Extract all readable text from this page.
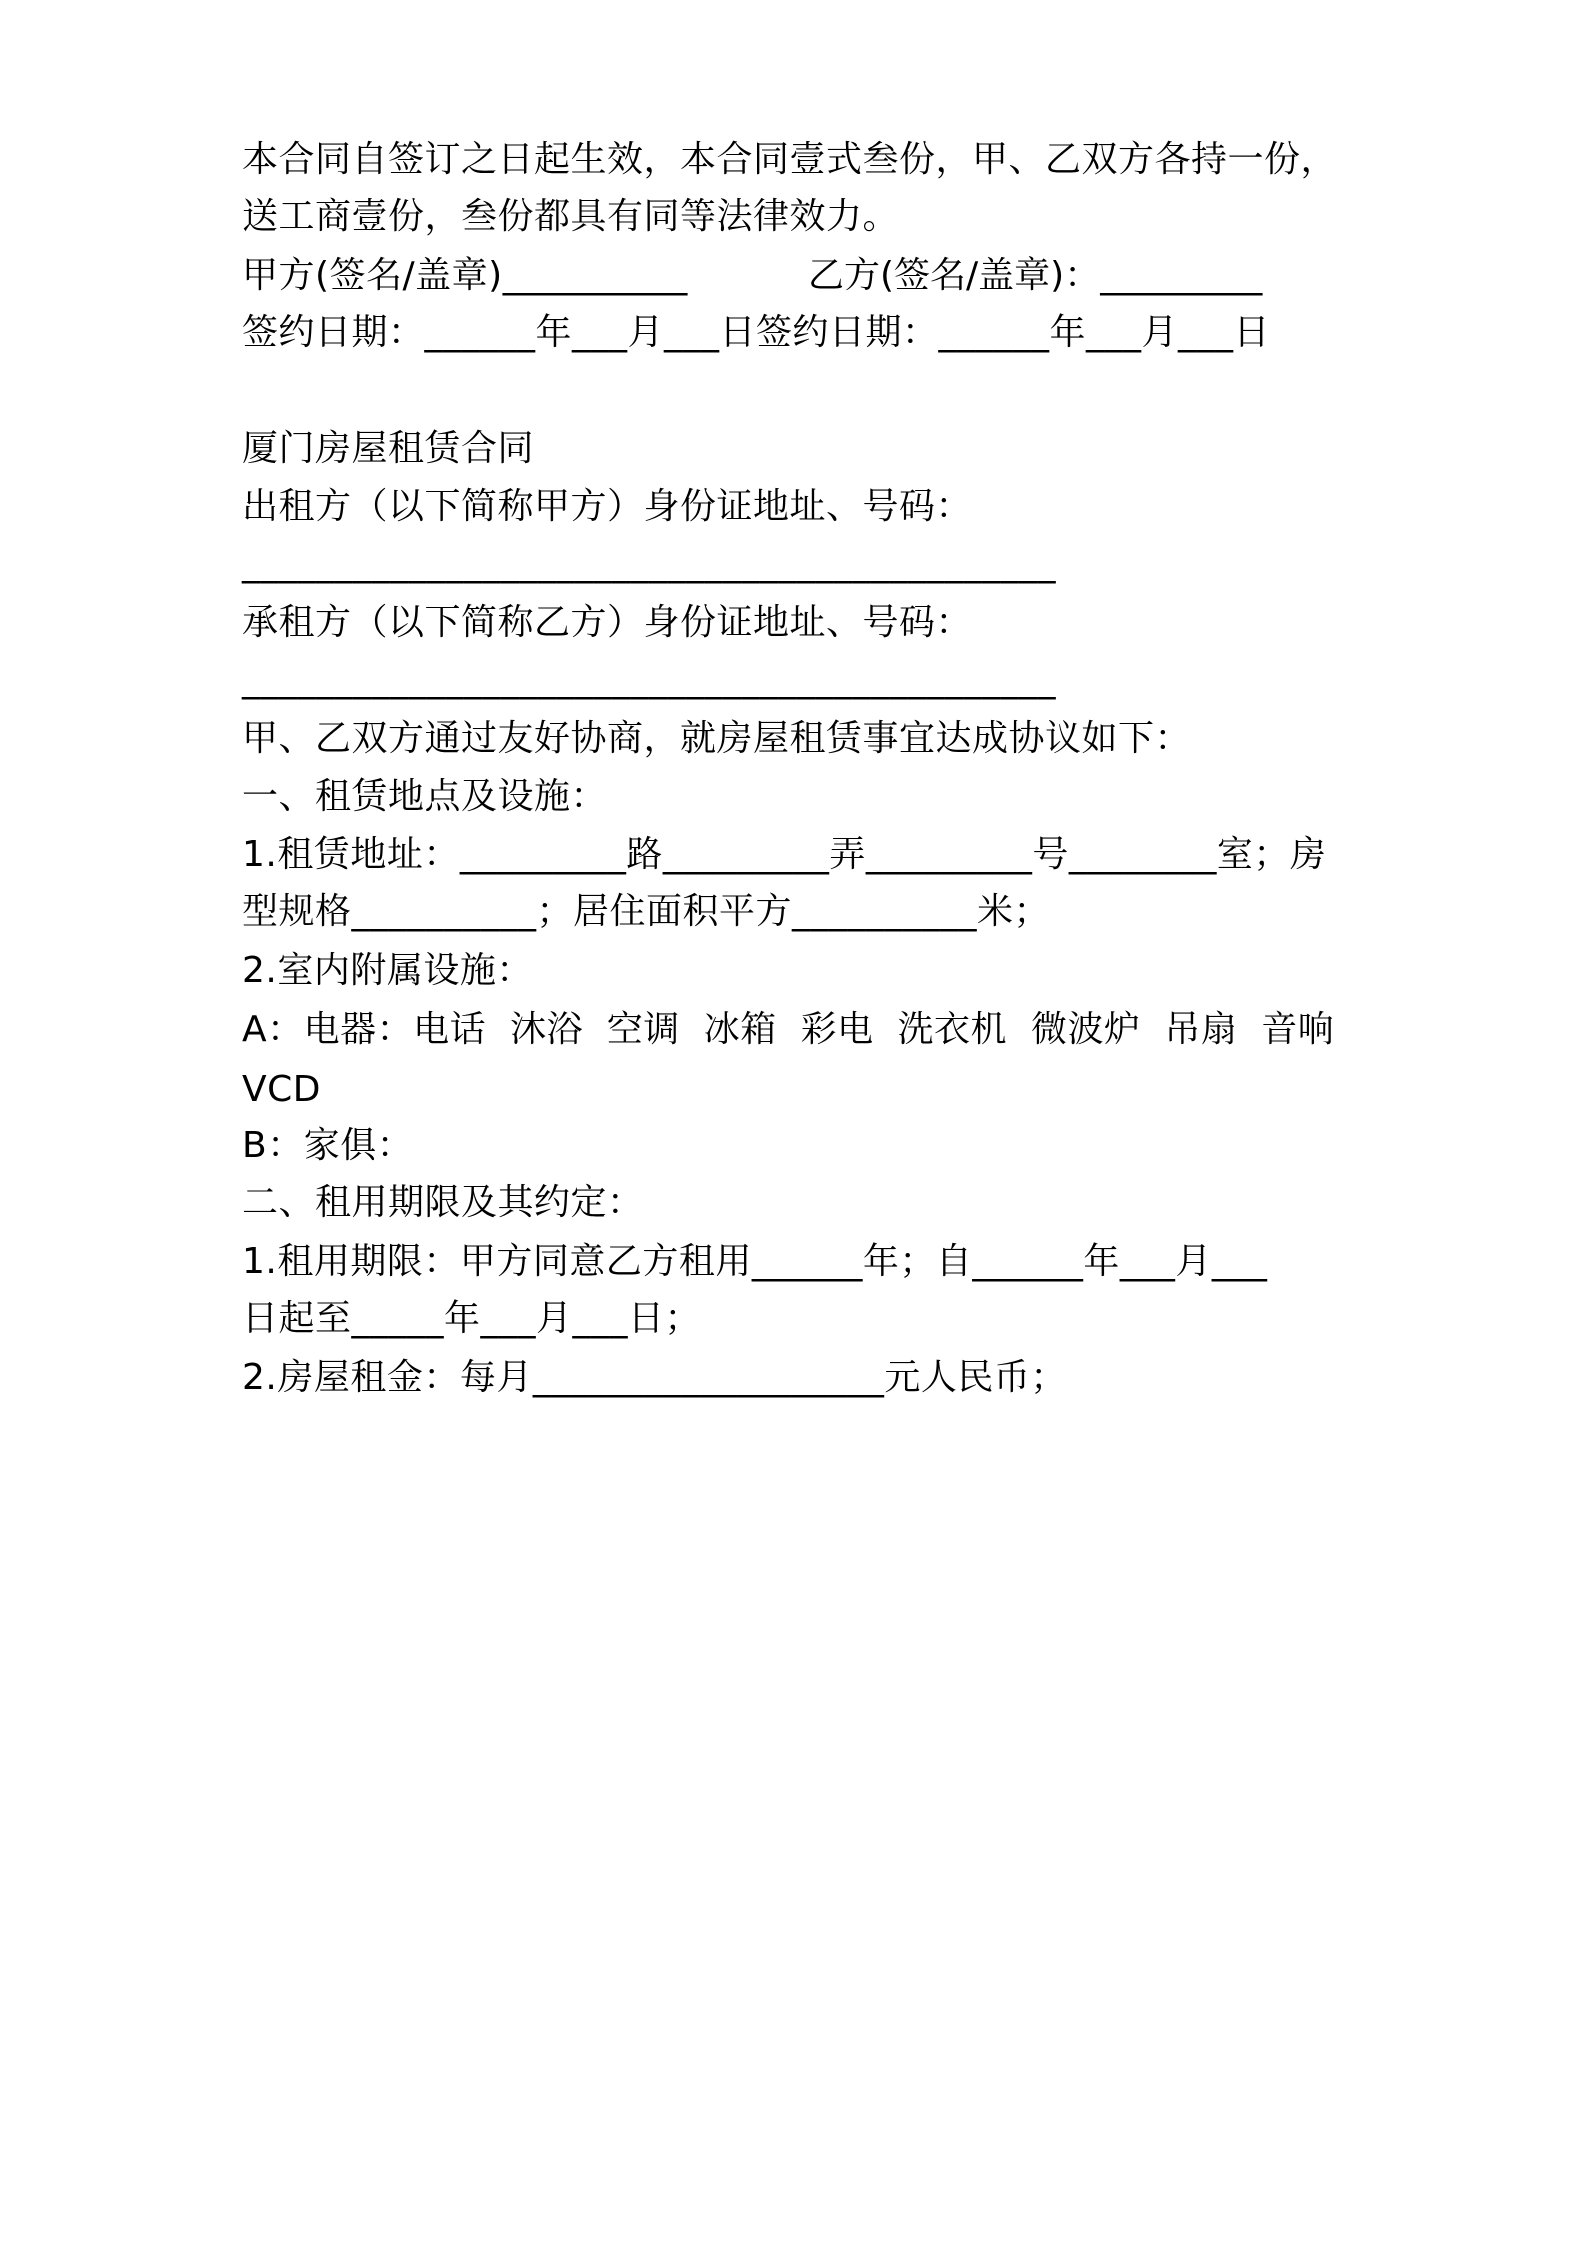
本合同自签订之日起生效，本合同壹式叁份，甲、乙双方各持一份，
送工商壹份，叁份都具有同等法律效力。
甲方(签名/盖章)__________	乙方(签名/盖章)：_________
签约日期：______年___月___日签约日期：______年___月___日
厦门房屋租赁合同
出租方（以下简称甲方）身份证地址、号码：
____________________________________________
承租方（以下简称乙方）身份证地址、号码：
____________________________________________
甲、乙双方通过友好协商，就房屋租赁事宜达成协议如下：
一、租赁地点及设施：
1.租赁地址：_________路_________弄_________号________室；房
型规格__________；居住面积平方__________米；
2.室内附属设施：
A：电器：电话  沐浴  空调  冰箱  彩电  洗衣机  微波炉  吊扇  音响
VCD
B：家俱：
二、租用期限及其约定：
1.租用期限：甲方同意乙方租用______年；自______年___月___
日起至_____年___月___日；
2.房屋租金：每月___________________元人民币；
